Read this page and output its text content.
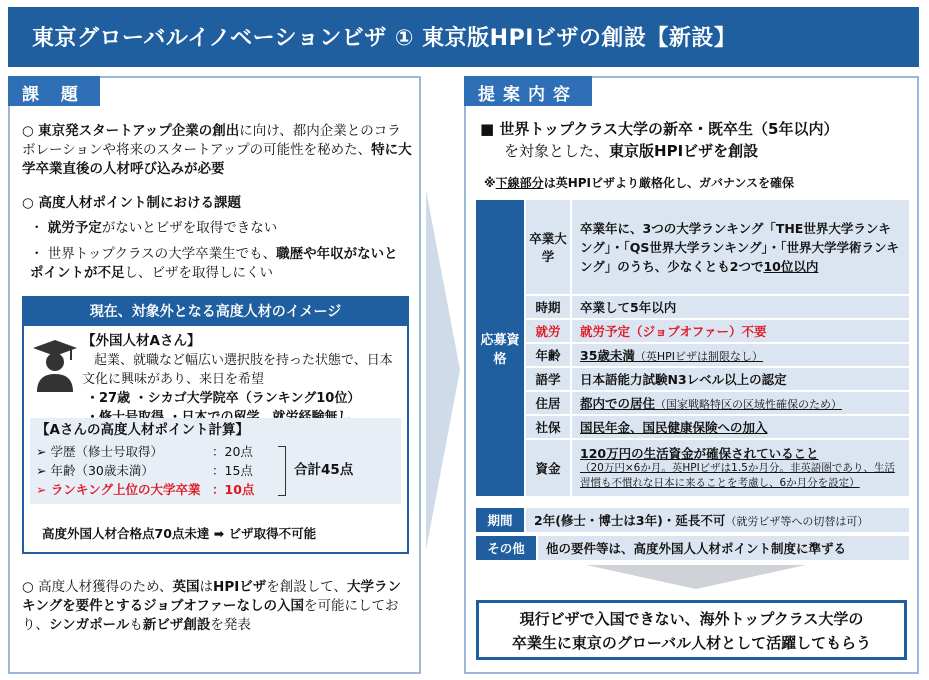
東京グローバルイノベーションビザ ① 東京版HPIビザの創設【新設】
課 題
○ 東京発スタートアップ企業の創出に向け、都内企業とのコラボレーションや将来のスタートアップの可能性を秘めた、特に大学卒業直後の人材呼び込みが必要
○ 高度人材ポイント制における課題
・ 就労予定がないとビザを取得できない
・ 世界トップクラスの大学卒業生でも、職歴や年収がないとポイントが不足し、ビザを取得しにくい
現在、対象外となる高度人材のイメージ
【外国人材Aさん】
起業、就職など幅広い選択肢を持った状態で、日本文化に興味があり、来日を希望
・27歳 ・シカゴ大学院卒（ランキング10位）
【Aさんの高度人材ポイント計算】
➢ 学歴（修士号取得）	：20点
➢ 年齢（30歳未満）	：15点
➢ ランキング上位の大学卒業 ：10点
合計45点
高度外国人材合格点70点未達 ➡ ビザ取得不可能
○ 高度人材獲得のため、英国はHPIビザを創設して、大学ランキングを要件とするジョブオファーなしの入国を可能にしており、シンガポールも新ビザ創設を発表
提案内容
■ 世界トップクラス大学の新卒・既卒生（5年以内）
を対象とした、東京版HPIビザを創設
※下線部分は英HPIビザより厳格化し、ガバナンスを確保
応募資格	卒業大学	卒業年に、3つの大学ランキング「THE世界大学ランキング」・「QS世界大学ランキング」・「世界大学学術ランキング」のうち、少なくとも2つで10位以内
	時期	卒業して5年以内
	就労	就労予定（ジョブオファー）不要
	年齢	35歳未満（英HPIビザは制限なし）
	語学	日本語能力試験N3レベル以上の認定
	住居	都内での居住（国家戦略特区の区域性確保のため）
	社保	国民年金、国民健康保険への加入
	資金	120万円の生活資金が確保されていること
（20万円×6か月。英HPIビザは1.5か月分。非英語圏であり、生活習慣も不慣れな日本に来ることを考慮し、6か月分を設定）
期間	2年(修士・博士は3年)・延長不可（就労ビザ等への切替は可）
その他	他の要件等は、高度外国人人材ポイント制度に準ずる
現行ビザで入国できない、海外トップクラス大学の
卒業生に東京のグローバル人材として活躍してもらう
